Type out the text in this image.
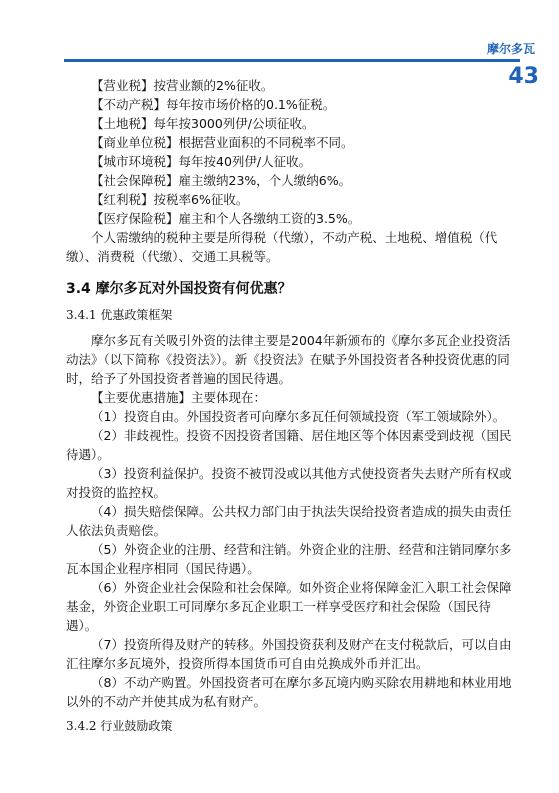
摩尔多瓦
43

【营业税】按营业额的2%征收。

【不动产税】每年按市场价格的0.1%征税。

【土地税】每年按3000列伊/公顷征收。

【商业单位税】根据营业面积的不同税率不同。

【城市环境税】每年按40列伊/人征收。

【社会保障税】雇主缴纳23%，个人缴纳6%。

【红利税】按税率6%征收。

【医疗保险税】雇主和个人各缴纳工资的3.5%。

个人需缴纳的税种主要是所得税（代缴），不动产税、土地税、增值税（代缴）、消费税（代缴）、交通工具税等。

3.4 摩尔多瓦对外国投资有何优惠？
3.4.1 优惠政策框架

摩尔多瓦有关吸引外资的法律主要是2004年新颁布的《摩尔多瓦企业投资活动法》（以下简称《投资法》）。新《投资法》在赋予外国投资者各种投资优惠的同时，给予了外国投资者普遍的国民待遇。

【主要优惠措施】主要体现在：

（1）投资自由。外国投资者可向摩尔多瓦任何领域投资（军工领域除外）。

（2）非歧视性。投资不因投资者国籍、居住地区等个体因素受到歧视（国民待遇）。

（3）投资利益保护。投资不被罚没或以其他方式使投资者失去财产所有权或对投资的监控权。

（4）损失赔偿保障。公共权力部门由于执法失误给投资者造成的损失由责任人依法负责赔偿。

（5）外资企业的注册、经营和注销。外资企业的注册、经营和注销同摩尔多瓦本国企业程序相同（国民待遇）。

（6）外资企业社会保险和社会保障。如外资企业将保障金汇入职工社会保障基金，外资企业职工可同摩尔多瓦企业职工一样享受医疗和社会保险（国民待遇）。

（7）投资所得及财产的转移。外国投资获利及财产在支付税款后，可以自由汇往摩尔多瓦境外，投资所得本国货币可自由兑换成外币并汇出。

（8）不动产购置。外国投资者可在摩尔多瓦境内购买除农用耕地和林业用地以外的不动产并使其成为私有财产。

3.4.2 行业鼓励政策
